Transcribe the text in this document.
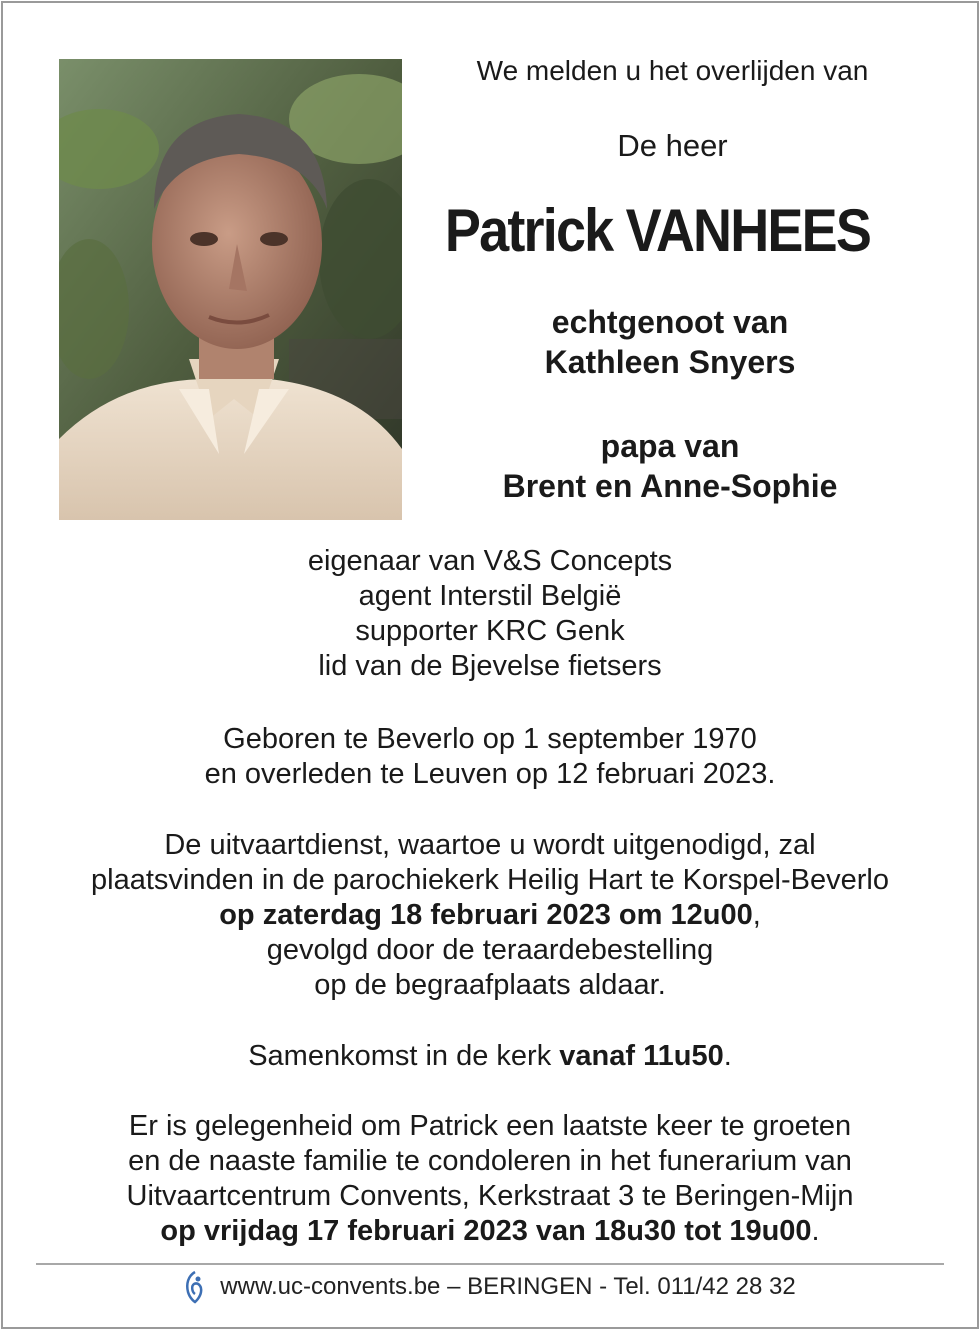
We melden u het overlijden van
De heer
Patrick VANHEES
echtgenoot van
Kathleen Snyers
papa van
Brent en Anne-Sophie
eigenaar van V&S Concepts
agent Interstil België
supporter KRC Genk
lid van de Bjevelse fietsers
Geboren te Beverlo op 1 september 1970
en overleden te Leuven op 12 februari 2023.
De uitvaartdienst, waartoe u wordt uitgenodigd, zal
plaatsvinden in de parochiekerk Heilig Hart te Korspel-Beverlo
op zaterdag 18 februari 2023 om 12u00,
gevolgd door de teraardebestelling
op de begraafplaats aldaar.
Samenkomst in de kerk vanaf 11u50.
Er is gelegenheid om Patrick een laatste keer te groeten
en de naaste familie te condoleren in het funerarium van
Uitvaartcentrum Convents, Kerkstraat 3 te Beringen-Mijn
op vrijdag 17 februari 2023 van 18u30 tot 19u00.
www.uc-convents.be – BERINGEN - Tel. 011/42 28 32
